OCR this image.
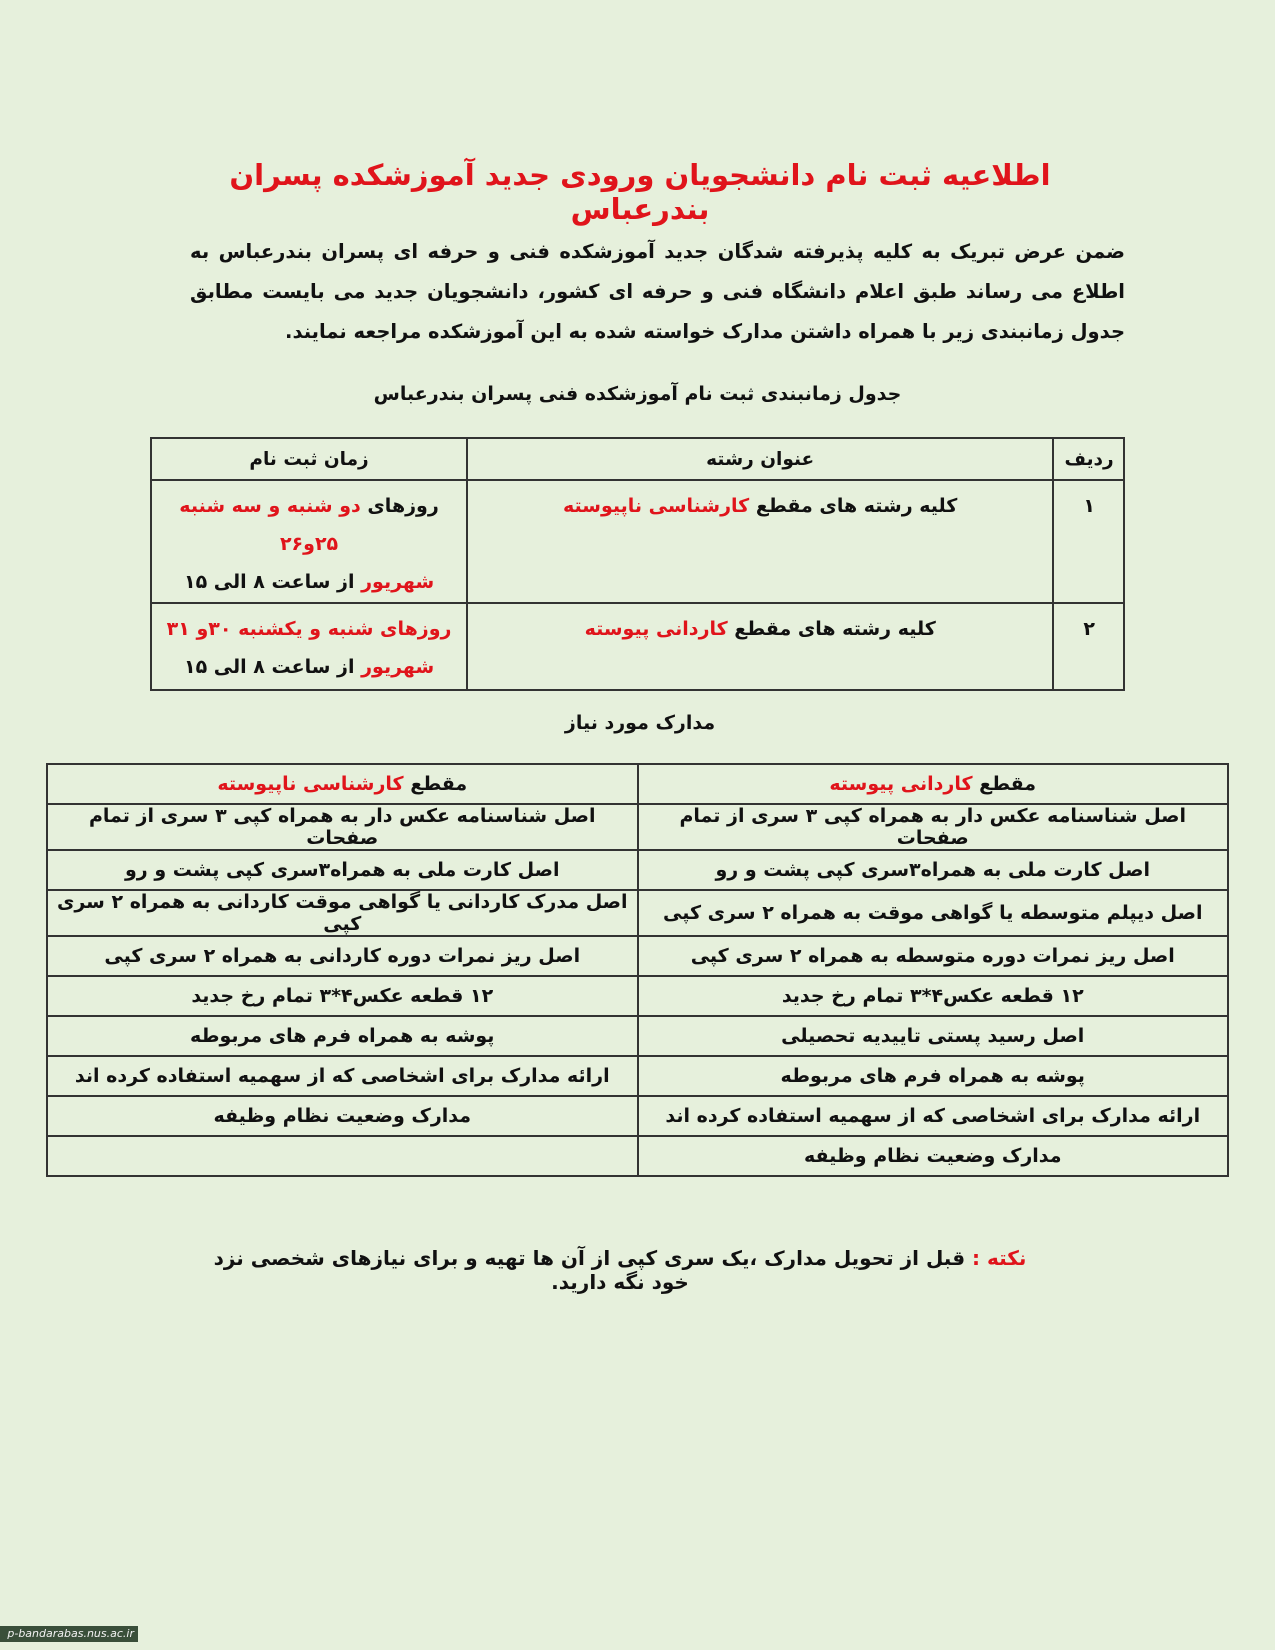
اطلاعیه ثبت نام دانشجویان ورودی جدید آموزشکده پسران بندرعباس
ضمن عرض تبریک به کلیه پذیرفته شدگان جدید آموزشکده فنی و حرفه ای پسران بندرعباس به اطلاع می رساند طبق اعلام دانشگاه فنی و حرفه ای کشور، دانشجویان جدید می بایست مطابق جدول زمانبندی زیر با همراه داشتن مدارک خواسته شده به این آموزشکده مراجعه نمایند.
جدول زمانبندی ثبت نام آموزشکده فنی پسران بندرعباس
ردیف	عنوان رشته	زمان ثبت نام
۱	کلیه رشته های مقطع کارشناسی ناپیوسته	روزهای دو شنبه و سه شنبه ۲۵و۲۶
شهریور از ساعت ۸ الی ۱۵
۲	کلیه رشته های مقطع کاردانی پیوسته	روزهای شنبه و یکشنبه ۳۰و ۳۱
شهریور از ساعت ۸ الی ۱۵
مدارک مورد نیاز
مقطع کاردانی پیوسته	مقطع کارشناسی ناپیوسته
اصل شناسنامه عکس دار به همراه کپی ۳ سری از تمام صفحات	اصل شناسنامه عکس دار به همراه کپی ۳ سری از تمام صفحات
اصل کارت ملی به همراه۳سری کپی پشت و رو	اصل کارت ملی به همراه۳سری کپی پشت و رو
اصل دیپلم متوسطه یا گواهی موقت به همراه ۲ سری کپی	اصل مدرک کاردانی یا گواهی موقت کاردانی به همراه ۲ سری کپی
اصل ریز نمرات دوره متوسطه به همراه ۲ سری کپی	اصل ریز نمرات دوره کاردانی به همراه ۲ سری کپی
۱۲ قطعه عکس۴*۳ تمام رخ جدید	۱۲ قطعه عکس۴*۳ تمام رخ جدید
اصل رسید پستی تاییدیه تحصیلی	پوشه به همراه فرم های مربوطه
پوشه به همراه فرم های مربوطه	ارائه مدارک برای اشخاصی که از سهمیه استفاده کرده اند
ارائه مدارک برای اشخاصی که از سهمیه استفاده کرده اند	مدارک وضعیت نظام وظیفه
مدارک وضعیت نظام وظیفه	
نکته : قبل از تحویل مدارک ،یک سری کپی از آن ها تهیه و برای نیازهای شخصی نزد خود نگه دارید.
p-bandarabas.nus.ac.ir
